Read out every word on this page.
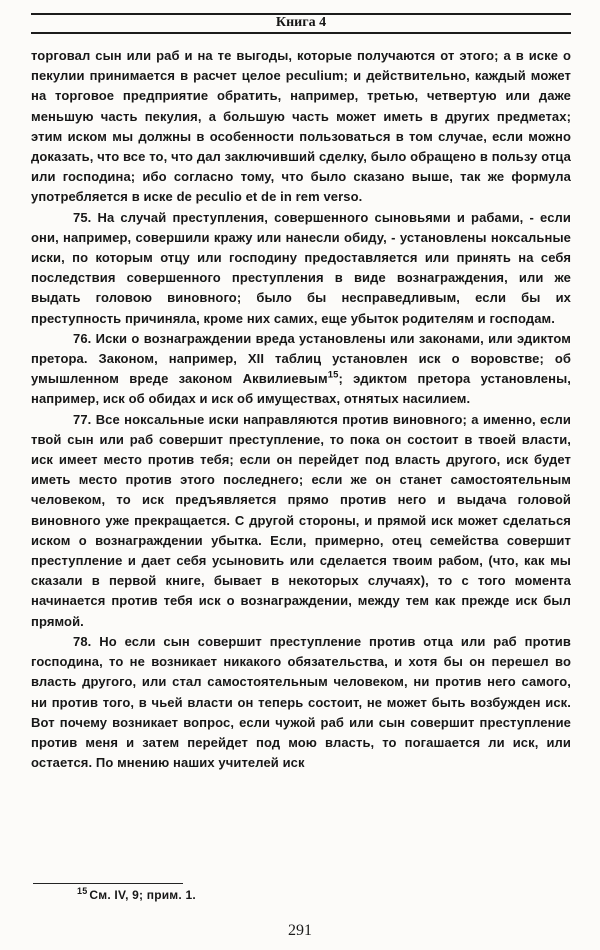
Книга 4

торговал сын или раб и на те выгоды, которые получаются от этого; а в иске о пекулии принимается в расчет целое peculium; и действительно, каждый может на торговое предприятие обратить, например, третью, четвертую или даже меньшую часть пекулия, а большую часть может иметь в других предметах; этим иском мы должны в особенности пользоваться в том случае, если можно доказать, что все то, что дал заключивший сделку, было обращено в пользу отца или господина; ибо согласно тому, что было сказано выше, так же формула употребляется в иске de peculio et de in rem verso.

75. На случай преступления, совершенного сыновьями и рабами, - если они, например, совершили кражу или нанесли обиду, - установлены ноксальные иски, по которым отцу или господину предоставляется или принять на себя последствия совершенного преступления в виде вознаграждения, или же выдать головою виновного; было бы несправедливым, если бы их преступность причиняла, кроме них самих, еще убыток родителям и господам.

76. Иски о вознаграждении вреда установлены или законами, или эдиктом претора. Законом, например, XII таблиц установлен иск о воровстве; об умышленном вреде законом Аквилиевым$^{15}$; эдиктом претора установлены, например, иск об обидах и иск об имуществах, отнятых насилием.

77. Все ноксальные иски направляются против виновного; а именно, если твой сын или раб совершит преступление, то пока он состоит в твоей власти, иск имеет место против тебя; если он перейдет под власть другого, иск будет иметь место против этого последнего; если же он станет самостоятельным человеком, то иск предъявляется прямо против него и выдача головой виновного уже прекращается. С другой стороны, и прямой иск может сделаться иском о вознаграждении убытка. Если, примерно, отец семейства совершит преступление и дает себя усыновить или сделается твоим рабом, (что, как мы сказали в первой книге, бывает в некоторых случаях), то с того момента начинается против тебя иск о вознаграждении, между тем как прежде иск был прямой.

78. Но если сын совершит преступление против отца или раб против господина, то не возникает никакого обязательства, и хотя бы он перешел во власть другого, или стал самостоятельным человеком, ни против него самого, ни против того, в чьей власти он теперь состоит, не может быть возбужден иск. Вот почему возникает вопрос, если чужой раб или сын совершит преступление против меня и затем перейдет под мою власть, то погашается ли иск, или остается. По мнению наших учителей иск

$^{15}$ См. IV, 9; прим. 1.
291
